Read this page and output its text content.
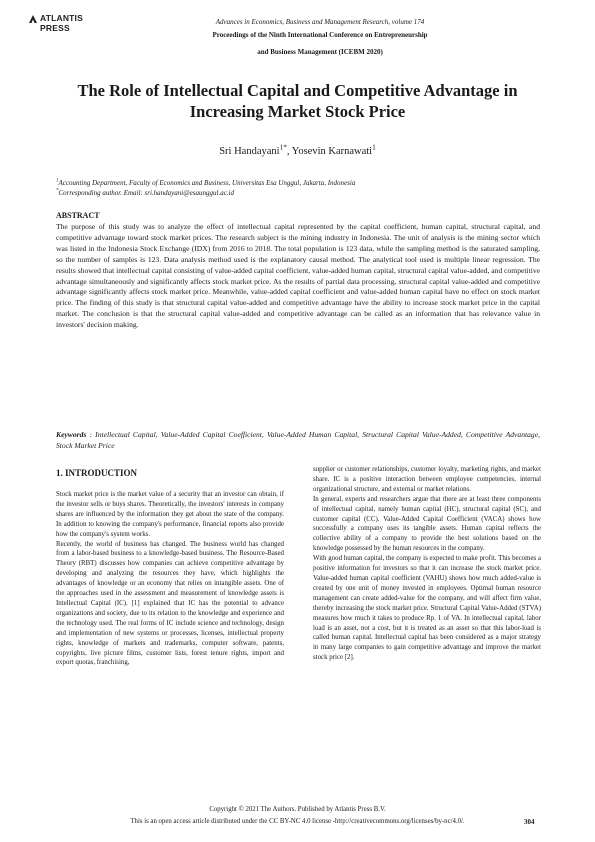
ATLANTIS PRESS
Advances in Economics, Business and Management Research, volume 174
Proceedings of the Ninth International Conference on Entrepreneurship
and Business Management (ICEBM 2020)
The Role of Intellectual Capital and Competitive Advantage in Increasing Market Stock Price
Sri Handayani$^{1*}$, Yosevin Karnawati$^1$
$^1$Accounting Department, Faculty of Economics and Business, Universitas Esa Unggul, Jakarta, Indonesia
*Corresponding author. Email: sri.handayani@esaunggul.ac.id
ABSTRACT
The purpose of this study was to analyze the effect of intellectual capital represented by the capital coefficient, human capital, structural capital, and competitive advantage toward stock market prices. The research subject is the mining industry in Indonesia. The unit of analysis is the mining sector which was listed in the Indonesia Stock Exchange (IDX) from 2016 to 2018. The total population is 123 data, while the sampling method is the saturated sampling, so the number of samples is 123. Data analysis method used is the explanatory causal method. The analytical tool used is multiple linear regression. The results showed that intellectual capital consisting of value-added capital coefficient, value-added human capital, structural capital value-added, and competitive advantage simultaneously and significantly affects stock market price. As the results of partial data processing, structural capital value-added and competitive advantage significantly affects stock market price. Meanwhile, value-added capital coefficient and value-added human capital have no effect on stock market price. The finding of this study is that structural capital value-added and competitive advantage have the ability to increase stock market price in the capital market. The conclusion is that the structural capital value-added and competitive advantage can be called as an information that has relevance value in investors' decision making.
Keywords : Intellectual Capital, Value-Added Capital Coefficient, Value-Added Human Capital, Structural Capital Value-Added, Competitive Advantage, Stock Market Price
1. INTRODUCTION

Stock market price is the market value of a security that an investor can obtain, if the investor sells or buys shares. Theoretically, the investors' interests in company shares are influenced by the information they get about the state of the company. In addition to knowing the company's performance, financial reports also provide how the company's system works.

Recently, the world of business has changed. The business world has changed from a labor-based business to a knowledge-based business. The Resource-Based Theory (RBT) discusses how companies can achieve competitive advantage by developing and analyzing the resources they have, which highlights the advantages of knowledge or an economy that relies on intangible assets. One of the approaches used in the assessment and measurement of knowledge assets is Intellectual Capital (IC). [1] explained that IC has the potential to advance organizations and society, due to its relation to the knowledge and experience and the technology used. The real forms of IC include science and technology, design and implementation of new systems or processes, licenses, intellectual property rights, knowledge of markets and trademarks, computer software, patents, copyrights, live picture films, customer lists, forest tenure rights, import and export quotas, franchising,

supplier or customer relationships, customer loyalty, marketing rights, and market share. IC is a positive interaction between employee competencies, internal organizational structure, and external or market relations.

In general, experts and researchers argue that there are at least three components of intellectual capital, namely human capital (HC), structural capital (SC), and customer capital (CC). Value-Added Capital Coefficient (VACA) shows how successfully a company uses its tangible assets. Human capital reflects the collective ability of a company to provide the best solutions based on the knowledge possessed by the human resources in the company.

With good human capital, the company is expected to make profit. This becomes a positive information for investors so that it can increase the stock market price. Value-added human capital coefficient (VAHU) shows how much added-value is created by one unit of money invested in employees. Optimal human resource management can create added-value for the company, and will affect firm value, thereby increasing the stock market price. Structural Capital Value-Added (STVA) measures how much it takes to produce Rp. 1 of VA. In intellectual capital, labor load is an asset, not a cost, but it is treated as an asset so that this labor-load is called human capital. Intellectual capital has been considered as a major strategy in many large companies to gain competitive advantage and improve the market stock price [2].

Copyright © 2021 The Authors. Published by Atlantis Press B.V.
This is an open access article distributed under the CC BY-NC 4.0 license -http://creativecommons.org/licenses/by-nc/4.0/.	304
